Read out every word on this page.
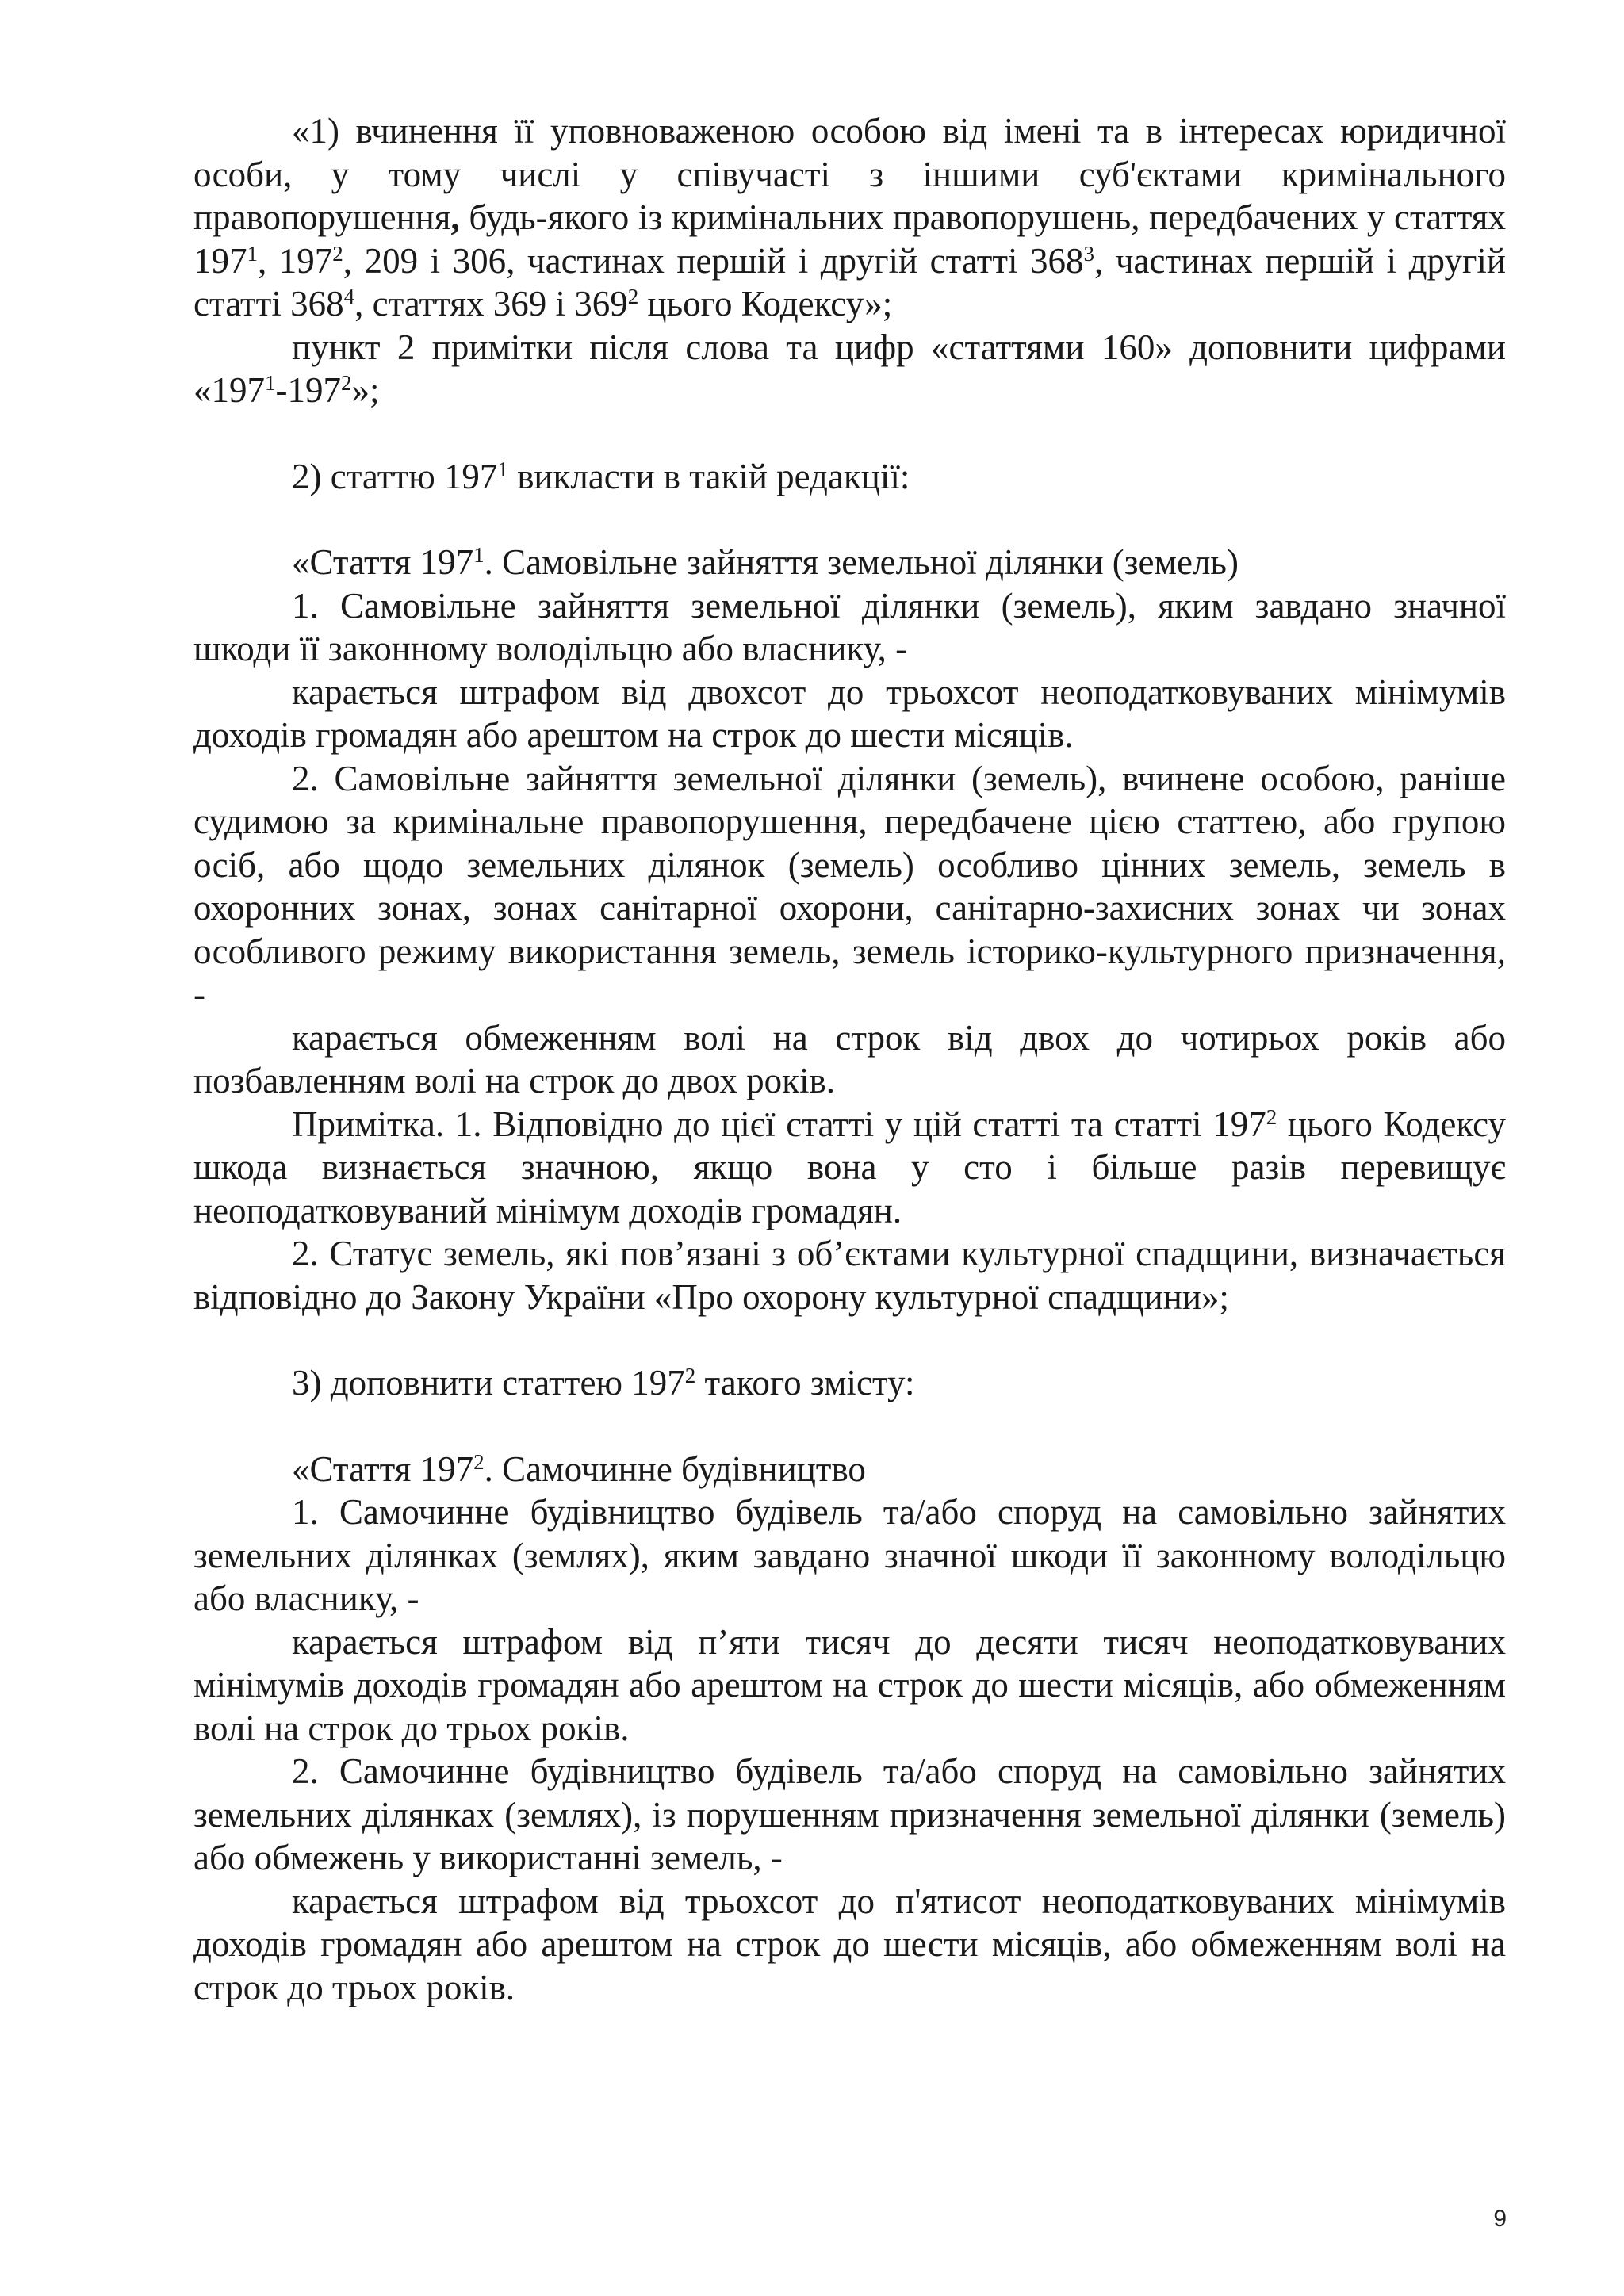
«1) вчинення її уповноваженою особою від імені та в інтересах юридичної особи, у тому числі у співучасті з іншими суб'єктами кримінального правопорушення, будь-якого із кримінальних правопорушень, передбачених у статтях $197^1$, $197^2$, 209 і 306, частинах першій і другій статті $368^3$, частинах першій і другій статті $368^4$, статтях 369 і $369^2$ цього Кодексу»;

пункт 2 примітки після слова та цифр «статтями 160» доповнити цифрами «$197^1-197^2$»;

2) статтю $197^1$ викласти в такій редакції:

«Стаття $197^1$. Самовільне зайняття земельної ділянки (земель)

1. Самовільне зайняття земельної ділянки (земель), яким завдано значної шкоди її законному володільцю або власнику, -

карається штрафом від двохсот до трьохсот неоподатковуваних мінімумів доходів громадян або арештом на строк до шести місяців.

2. Самовільне зайняття земельної ділянки (земель), вчинене особою, раніше судимою за кримінальне правопорушення, передбачене цією статтею, або групою осіб, або щодо земельних ділянок (земель) особливо цінних земель, земель в охоронних зонах, зонах санітарної охорони, санітарно-захисних зонах чи зонах особливого режиму використання земель, земель історико-культурного призначення, -

карається обмеженням волі на строк від двох до чотирьох років або позбавленням волі на строк до двох років.

Примітка. 1. Відповідно до цієї статті у цій статті та статті $197^2$ цього Кодексу шкода визнається значною, якщо вона у сто і більше разів перевищує неоподатковуваний мінімум доходів громадян.

2. Статус земель, які пов’язані з об’єктами культурної спадщини, визначається відповідно до Закону України «Про охорону культурної спадщини»;

3) доповнити статтею $197^2$ такого змісту:

«Стаття $197^2$. Самочинне будівництво

1. Самочинне будівництво будівель та/або споруд на самовільно зайнятих земельних ділянках (землях), яким завдано значної шкоди її законному володільцю або власнику, -

карається штрафом від п’яти тисяч до десяти тисяч неоподатковуваних мінімумів доходів громадян або арештом на строк до шести місяців, або обмеженням волі на строк до трьох років.

2. Самочинне будівництво будівель та/або споруд на самовільно зайнятих земельних ділянках (землях), із порушенням призначення земельної ділянки (земель) або обмежень у використанні земель, -

карається штрафом від трьохсот до п'ятисот неоподатковуваних мінімумів доходів громадян або арештом на строк до шести місяців, або обмеженням волі на строк до трьох років.

9
